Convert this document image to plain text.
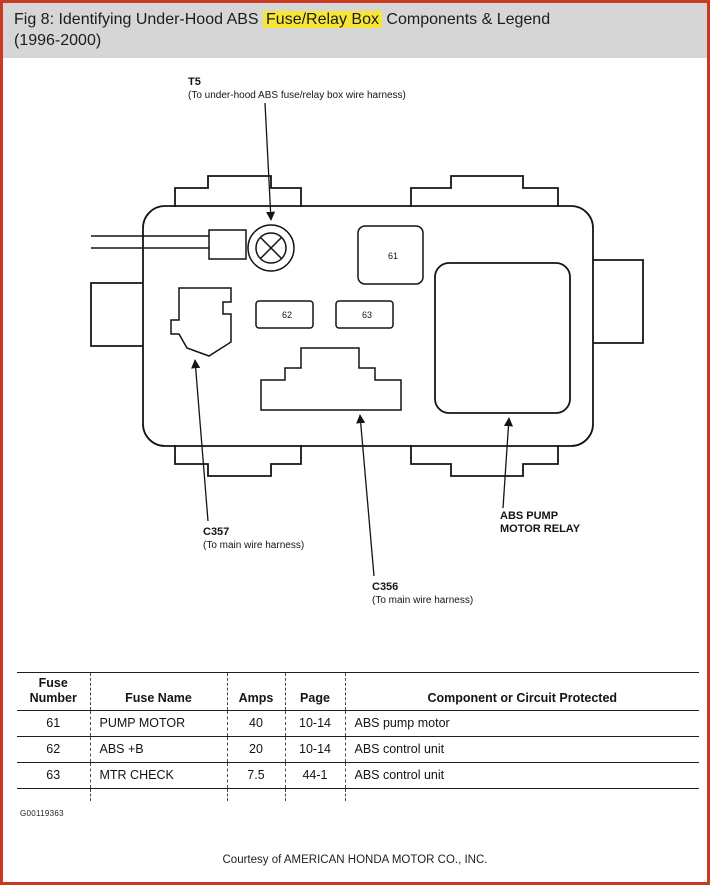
Fig 8: Identifying Under-Hood ABS Fuse/Relay Box Components & Legend
(1996-2000)
T5
(To under-hood ABS fuse/relay box wire harness)
61
62	63
C357
(To main wire harness)
C356
(To main wire harness)
ABS PUMP
MOTOR RELAY
Fuse
Number	Fuse Name	Amps	Page	Component or Circuit Protected
61	PUMP MOTOR	40	10-14	ABS pump motor
62	ABS +B	20	10-14	ABS control unit
63	MTR CHECK	7.5	44-1	ABS control unit

G00119363
Courtesy of AMERICAN HONDA MOTOR CO., INC.
